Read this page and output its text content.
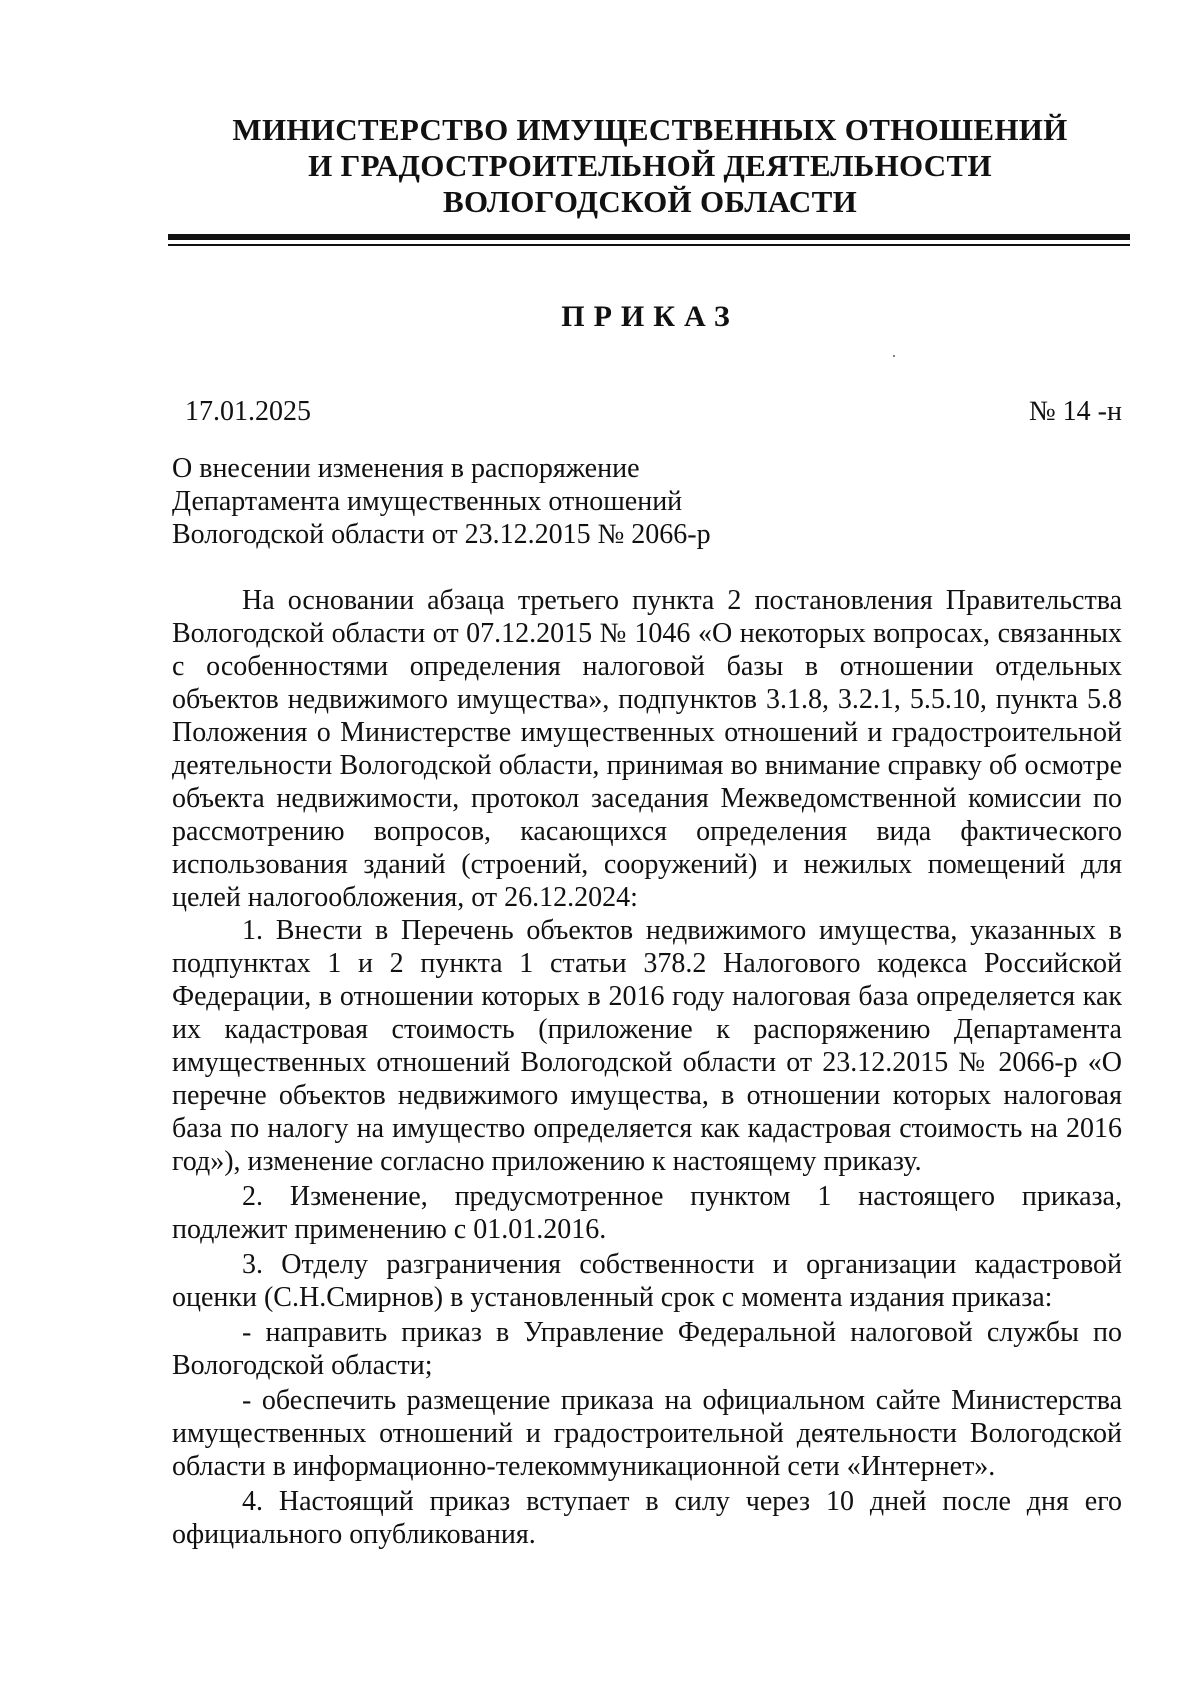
МИНИСТЕРСТВО ИМУЩЕСТВЕННЫХ ОТНОШЕНИЙ
И ГРАДОСТРОИТЕЛЬНОЙ ДЕЯТЕЛЬНОСТИ
ВОЛОГОДСКОЙ ОБЛАСТИ
ПРИКАЗ
17.01.2025	№ 14 -н
О внесении изменения в распоряжение
Департамента имущественных отношений
Вологодской области от 23.12.2015 № 2066-р

На основании абзаца третьего пункта 2 постановления Правительства Вологодской области от 07.12.2015 № 1046 «О некоторых вопросах, связанных с особенностями определения налоговой базы в отношении отдельных объектов недвижимого имущества», подпунктов 3.1.8, 3.2.1, 5.5.10, пункта 5.8 Положения о Министерстве имущественных отношений и градостроительной деятельности Вологодской области, принимая во внимание справку об осмотре объекта недвижимости, протокол заседания Межведомственной комиссии по рассмотрению вопросов, касающихся определения вида фактического использования зданий (строений, сооружений) и нежилых помещений для целей налогообложения, от 26.12.2024:

1. Внести в Перечень объектов недвижимого имущества, указанных в подпунктах 1 и 2 пункта 1 статьи 378.2 Налогового кодекса Российской Федерации, в отношении которых в 2016 году налоговая база определяется как их кадастровая стоимость (приложение к распоряжению Департамента имущественных отношений Вологодской области от 23.12.2015 № 2066-р «О перечне объектов недвижимого имущества, в отношении которых налоговая база по налогу на имущество определяется как кадастровая стоимость на 2016 год»), изменение согласно приложению к настоящему приказу.

2. Изменение, предусмотренное пунктом 1 настоящего приказа, подлежит применению с 01.01.2016.

3. Отделу разграничения собственности и организации кадастровой оценки (С.Н.Смирнов) в установленный срок с момента издания приказа:

- направить приказ в Управление Федеральной налоговой службы по Вологодской области;

- обеспечить размещение приказа на официальном сайте Министерства имущественных отношений и градостроительной деятельности Вологодской области в информационно-телекоммуникационной сети «Интернет».

4. Настоящий приказ вступает в силу через 10 дней после дня его официального опубликования.
